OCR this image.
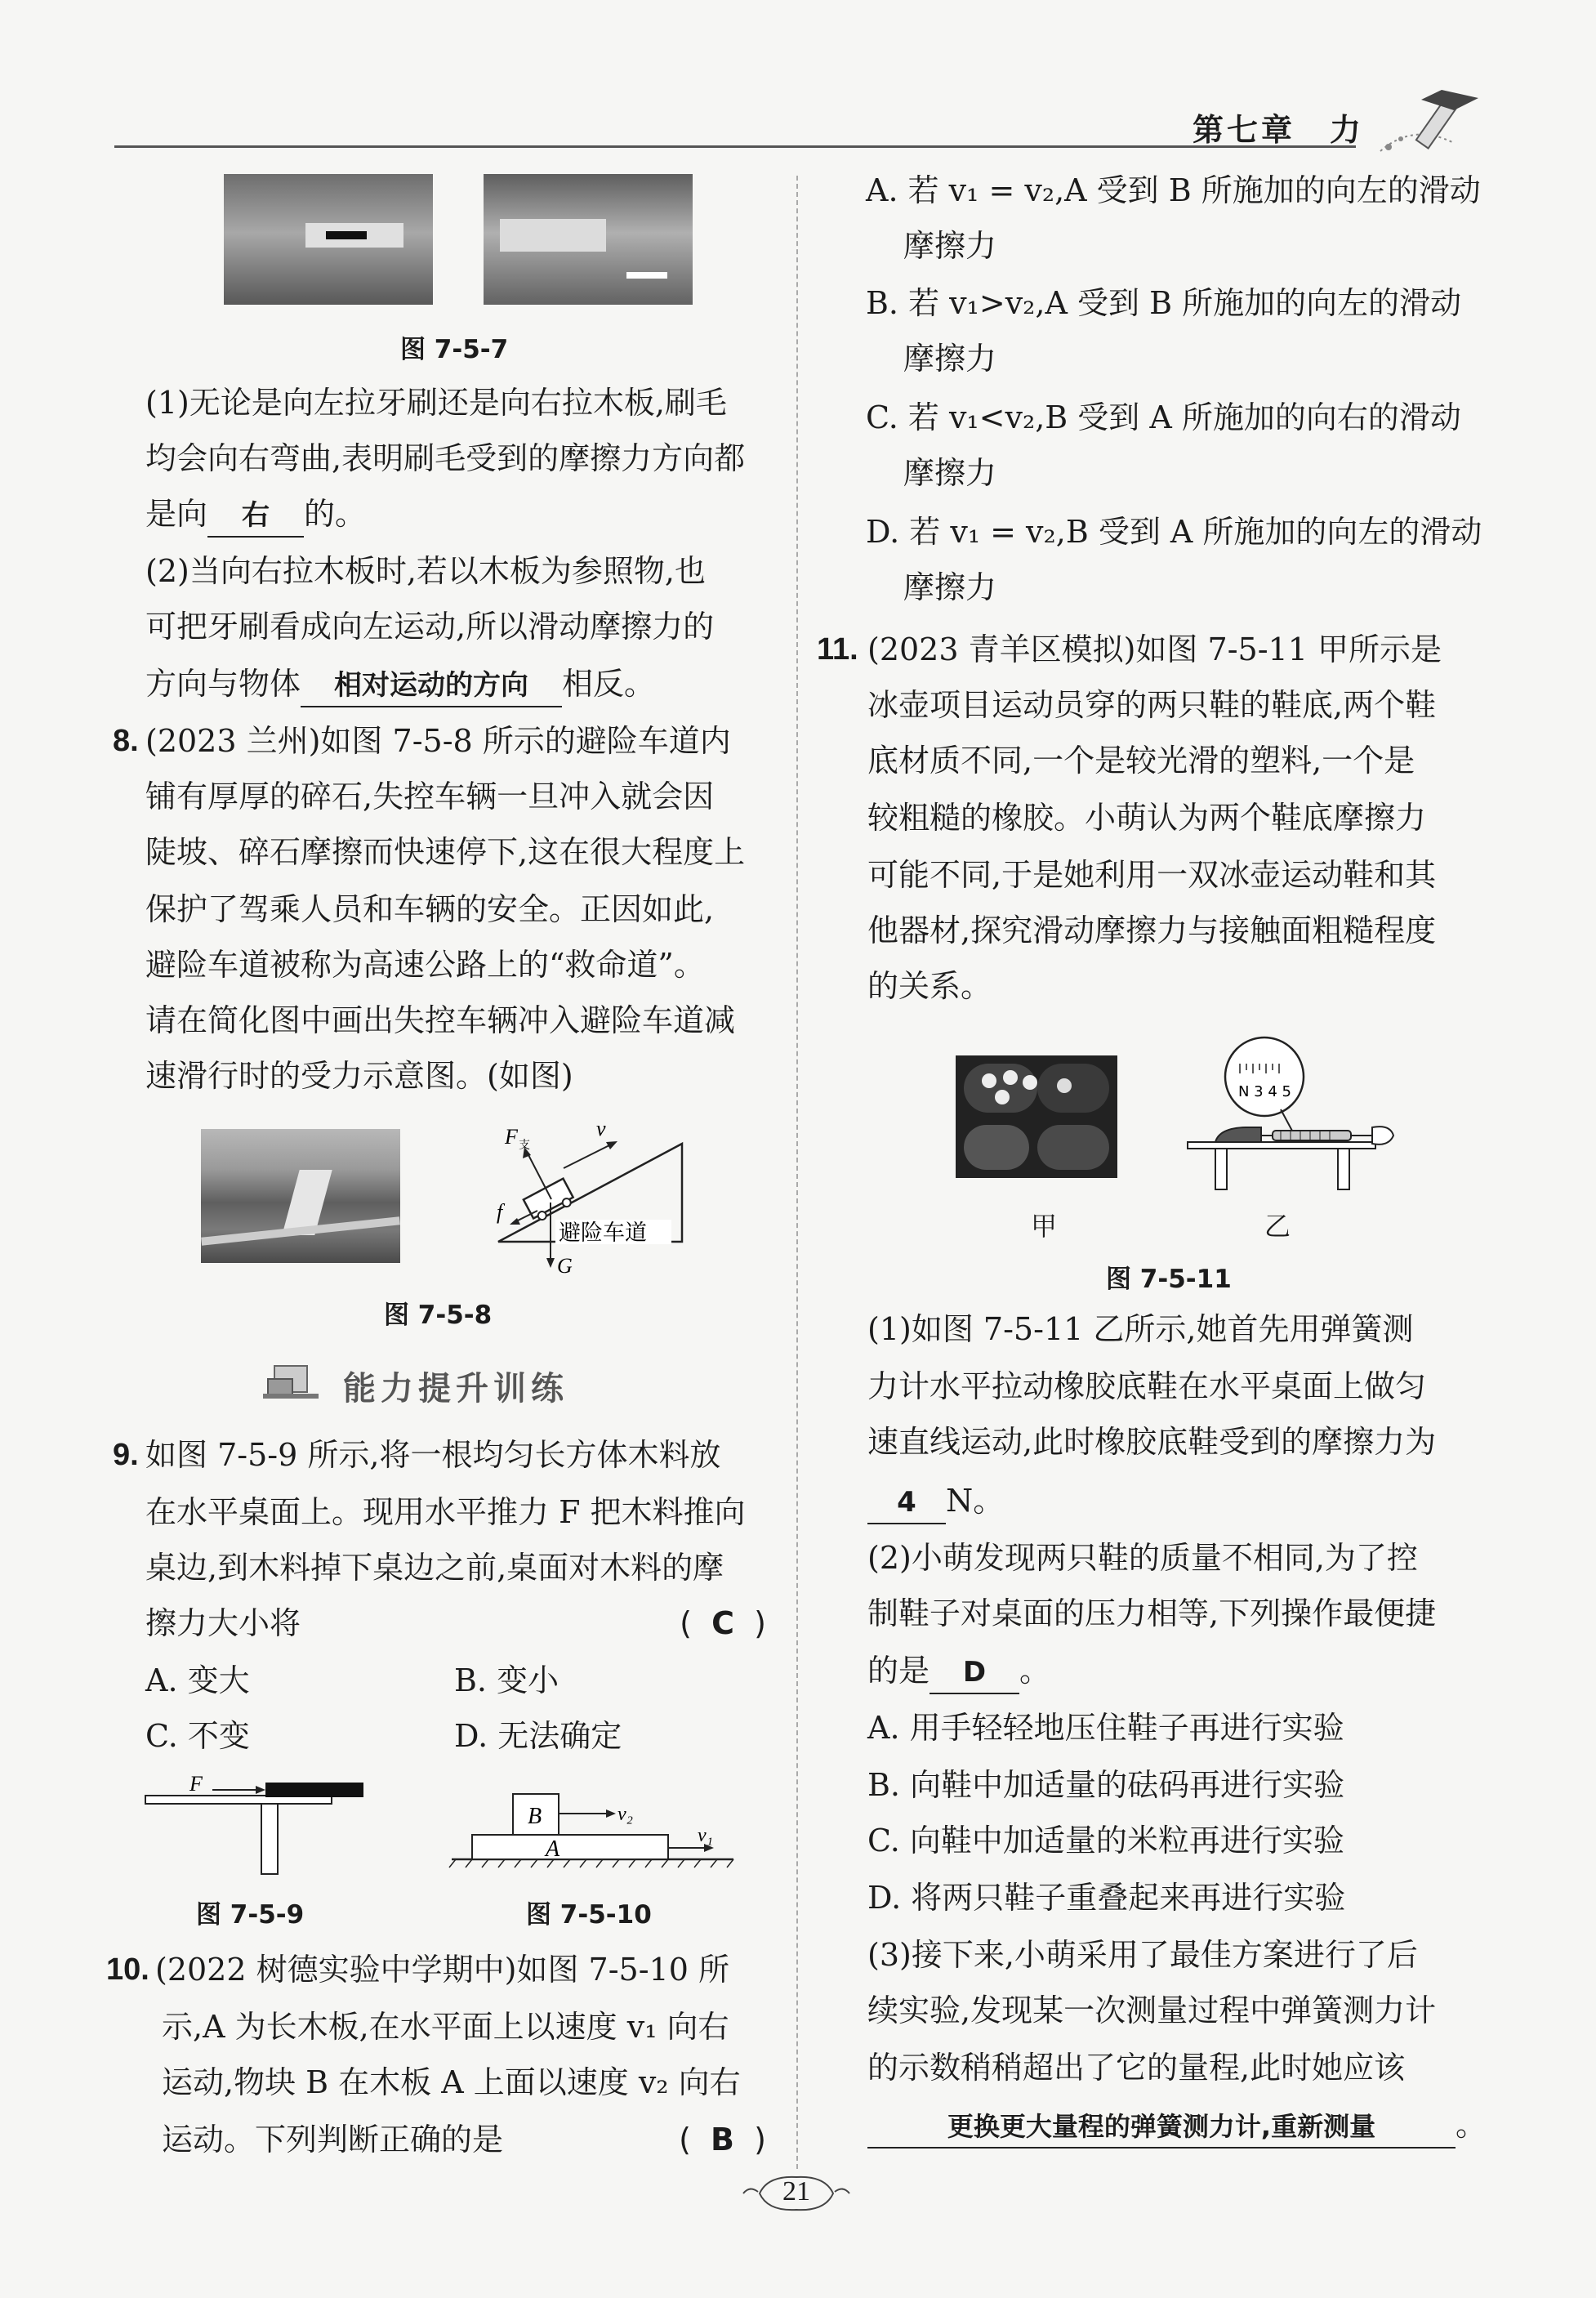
第七章　力
图 7-5-7
(1)无论是向左拉牙刷还是向右拉木板,刷毛
均会向右弯曲,表明刷毛受到的摩擦力方向都
是向 右 的。
(2)当向右拉木板时,若以木板为参照物,也
可把牙刷看成向左运动,所以滑动摩擦力的
方向与物体 相对运动的方向 相反。
8. (2023 兰州)如图 7-5-8 所示的避险车道内
铺有厚厚的碎石,失控车辆一旦冲入就会因
陡坡、碎石摩擦而快速停下,这在很大程度上
保护了驾乘人员和车辆的安全。正因如此,
避险车道被称为高速公路上的“救命道”。
请在简化图中画出失控车辆冲入避险车道减
速滑行时的受力示意图。(如图)
F 支
v
f
G
避险车道
图 7-5-8
能力提升训练
9. 如图 7-5-9 所示,将一根均匀长方体木料放
在水平桌面上。现用水平推力 F 把木料推向
桌边,到木料掉下桌边之前,桌面对木料的摩
擦力大小将	(  C  )
A. 变大	B. 变小
C. 不变	D. 无法确定
F
图 7-5-9
B
A
v₂
v₁
图 7-5-10
10. (2022 树德实验中学期中)如图 7-5-10 所
示,A 为长木板,在水平面上以速度 v₁ 向右
运动,物块 B 在木板 A 上面以速度 v₂ 向右
运动。下列判断正确的是	(  B  )
A. 若 v₁ = v₂,A 受到 B 所施加的向左的滑动
摩擦力
B. 若 v₁>v₂,A 受到 B 所施加的向左的滑动
摩擦力
C. 若 v₁<v₂,B 受到 A 所施加的向右的滑动
摩擦力
D. 若 v₁ = v₂,B 受到 A 所施加的向左的滑动
摩擦力
11. (2023 青羊区模拟)如图 7-5-11 甲所示是
冰壶项目运动员穿的两只鞋的鞋底,两个鞋
底材质不同,一个是较光滑的塑料,一个是
较粗糙的橡胶。小萌认为两个鞋底摩擦力
可能不同,于是她利用一双冰壶运动鞋和其
他器材,探究滑动摩擦力与接触面粗糙程度
的关系。
N 3 4 5
甲	乙
图 7-5-11
(1)如图 7-5-11 乙所示,她首先用弹簧测
力计水平拉动橡胶底鞋在水平桌面上做匀
速直线运动,此时橡胶底鞋受到的摩擦力为
4 N。
(2)小萌发现两只鞋的质量不相同,为了控
制鞋子对桌面的压力相等,下列操作最便捷
的是 D 。
A. 用手轻轻地压住鞋子再进行实验
B. 向鞋中加适量的砝码再进行实验
C. 向鞋中加适量的米粒再进行实验
D. 将两只鞋子重叠起来再进行实验
(3)接下来,小萌采用了最佳方案进行了后
续实验,发现某一次测量过程中弹簧测力计
的示数稍稍超出了它的量程,此时她应该
更换更大量程的弹簧测力计,重新测量	。
21
